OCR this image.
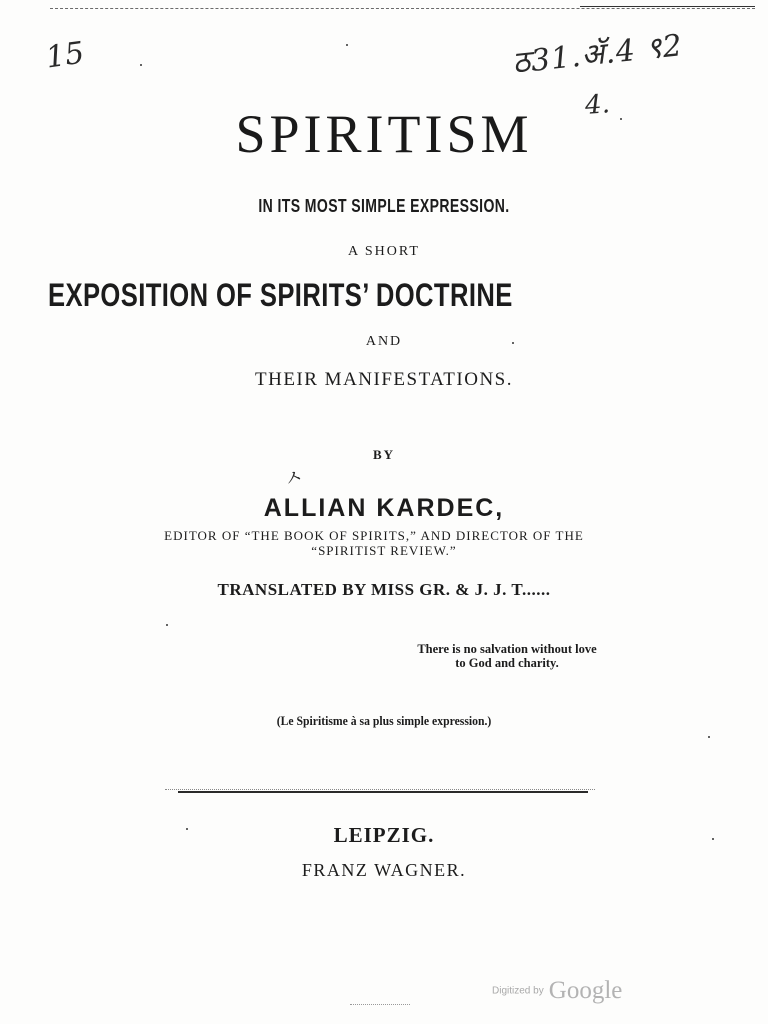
15	ठ31.ॲ.4 ९2
4.
SPIRITISM
IN ITS MOST SIMPLE EXPRESSION.
A SHORT
EXPOSITION OF SPIRITS’ DOCTRINE
AND
THEIR MANIFESTATIONS.
BY
ㅅ
ALLIAN KARDEC,
EDITOR OF “THE BOOK OF SPIRITS,” AND DIRECTOR OF THE
“SPIRITIST REVIEW.”
TRANSLATED BY MISS GR. & J. J. T......
There is no salvation without love
to God and charity.
(Le Spiritisme à sa plus simple expression.)
LEIPZIG.
FRANZ WAGNER.
Digitized by Google
